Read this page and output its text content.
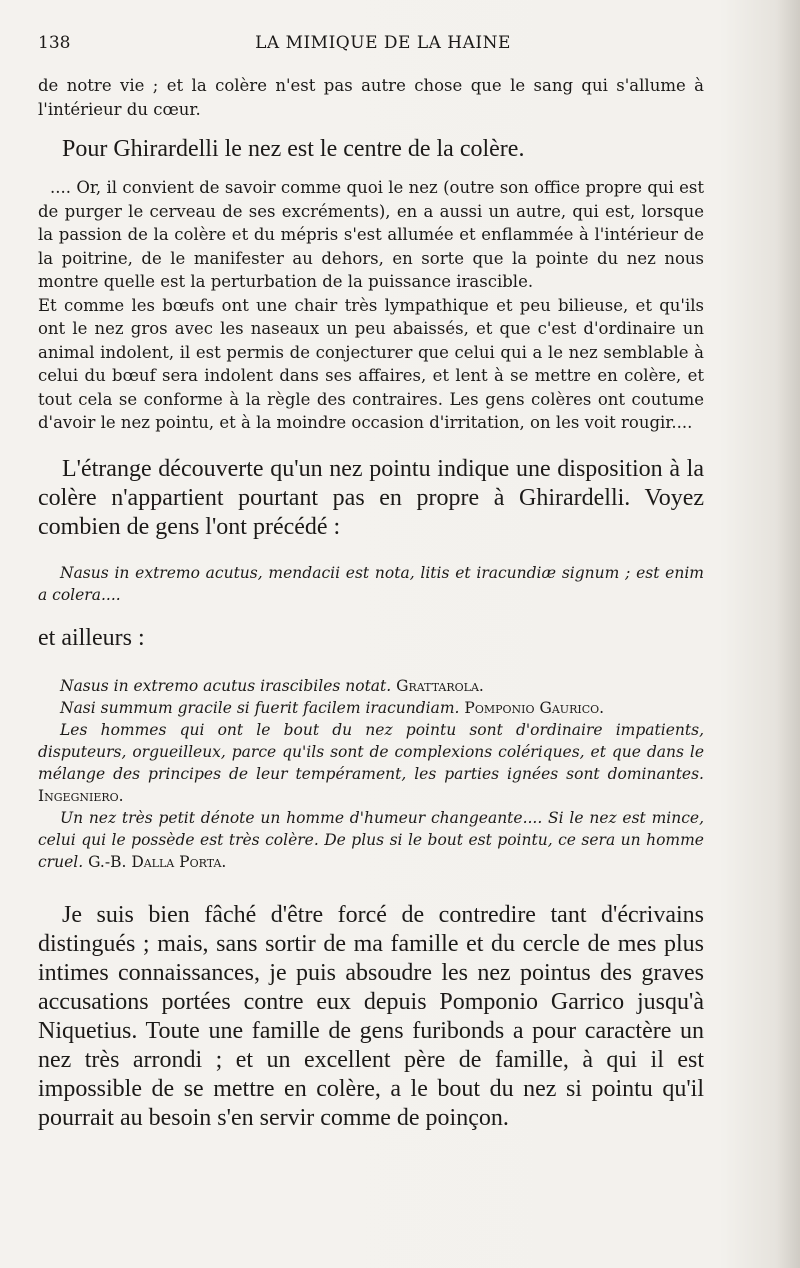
138	LA MIMIQUE DE LA HAINE

de notre vie ; et la colère n'est pas autre chose que le sang qui s'allume à l'intérieur du cœur.

Pour Ghirardelli le nez est le centre de la colère.

.... Or, il convient de savoir comme quoi le nez (outre son office propre qui est de purger le cerveau de ses excréments), en a aussi un autre, qui est, lorsque la passion de la colère et du mépris s'est allumée et enflammée à l'intérieur de la poitrine, de le manifester au dehors, en sorte que la pointe du nez nous montre quelle est la perturbation de la puissance irascible.

Et comme les bœufs ont une chair très lympathique et peu bilieuse, et qu'ils ont le nez gros avec les naseaux un peu abaissés, et que c'est d'ordinaire un animal indolent, il est permis de conjecturer que celui qui a le nez semblable à celui du bœuf sera indolent dans ses affaires, et lent à se mettre en colère, et tout cela se conforme à la règle des contraires. Les gens colères ont coutume d'avoir le nez pointu, et à la moindre occasion d'irritation, on les voit rougir....

L'étrange découverte qu'un nez pointu indique une disposition à la colère n'appartient pourtant pas en propre à Ghirardelli. Voyez combien de gens l'ont précédé :

Nasus in extremo acutus, mendacii est nota, litis et iracundiæ signum ; est enim a colera....

et ailleurs :

Nasus in extremo acutus irascibiles notat. Grattarola.

Nasi summum gracile si fuerit facilem iracundiam. Pomponio Gaurico.

Les hommes qui ont le bout du nez pointu sont d'ordinaire impatients, disputeurs, orgueilleux, parce qu'ils sont de complexions colériques, et que dans le mélange des principes de leur tempérament, les parties ignées sont dominantes. Ingegniero.

Un nez très petit dénote un homme d'humeur changeante.... Si le nez est mince, celui qui le possède est très colère. De plus si le bout est pointu, ce sera un homme cruel. G.-B. Dalla Porta.

Je suis bien fâché d'être forcé de contredire tant d'écrivains distingués ; mais, sans sortir de ma famille et du cercle de mes plus intimes connaissances, je puis absoudre les nez pointus des graves accusations portées contre eux depuis Pomponio Garrico jusqu'à Niquetius. Toute une famille de gens furibonds a pour caractère un nez très arrondi ; et un excellent père de famille, à qui il est impossible de se mettre en colère, a le bout du nez si pointu qu'il pourrait au besoin s'en servir comme de poinçon.
